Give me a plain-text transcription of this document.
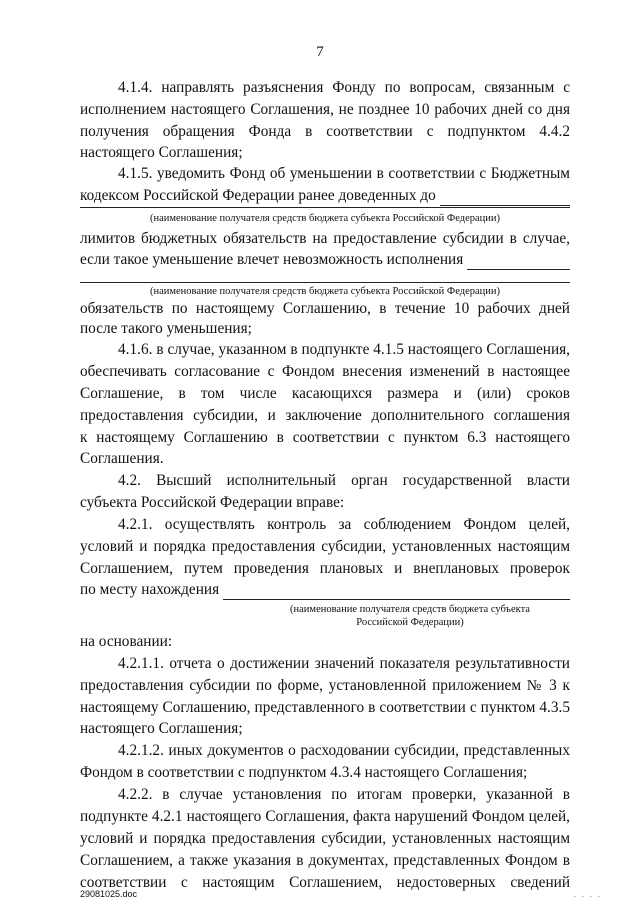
7
4.1.4. направлять разъяснения Фонду по вопросам, связанным с
исполнением настоящего Соглашения, не позднее 10 рабочих дней со дня
получения обращения Фонда в соответствии с подпунктом 4.4.2
настоящего Соглашения;
4.1.5. уведомить Фонд об уменьшении в соответствии с Бюджетным
кодексом Российской Федерации ранее доведенных до
(наименование получателя средств бюджета субъекта Российской Федерации)
лимитов бюджетных обязательств на предоставление субсидии в случае,
если такое уменьшение влечет невозможность исполнения
(наименование получателя средств бюджета субъекта Российской Федерации)
обязательств по настоящему Соглашению, в течение 10 рабочих дней
после такого уменьшения;
4.1.6. в случае, указанном в подпункте 4.1.5 настоящего Соглашения,
обеспечивать согласование с Фондом внесения изменений в настоящее
Соглашение, в том числе касающихся размера и (или) сроков
предоставления субсидии, и заключение дополнительного соглашения
к настоящему Соглашению в соответствии с пунктом 6.3 настоящего
Соглашения.
4.2. Высший исполнительный орган государственной власти
субъекта Российской Федерации вправе:
4.2.1. осуществлять контроль за соблюдением Фондом целей,
условий и порядка предоставления субсидии, установленных настоящим
Соглашением, путем проведения плановых и внеплановых проверок
по месту нахождения
(наименование получателя средств бюджета субъекта
Российской Федерации)
на основании:
4.2.1.1. отчета о достижении значений показателя результативности
предоставления субсидии по форме, установленной приложением № 3 к
настоящему Соглашению, представленного в соответствии с пунктом 4.3.5
настоящего Соглашения;
4.2.1.2. иных документов о расходовании субсидии, представленных
Фондом в соответствии с подпунктом 4.3.4 настоящего Соглашения;
4.2.2. в случае установления по итогам проверки, указанной в
подпункте 4.2.1 настоящего Соглашения, факта нарушений Фондом целей,
условий и порядка предоставления субсидии, установленных настоящим
Соглашением, а также указания в документах, представленных Фондом в
соответствии с настоящим Соглашением, недостоверных сведений
29081025.doc	. . . .
